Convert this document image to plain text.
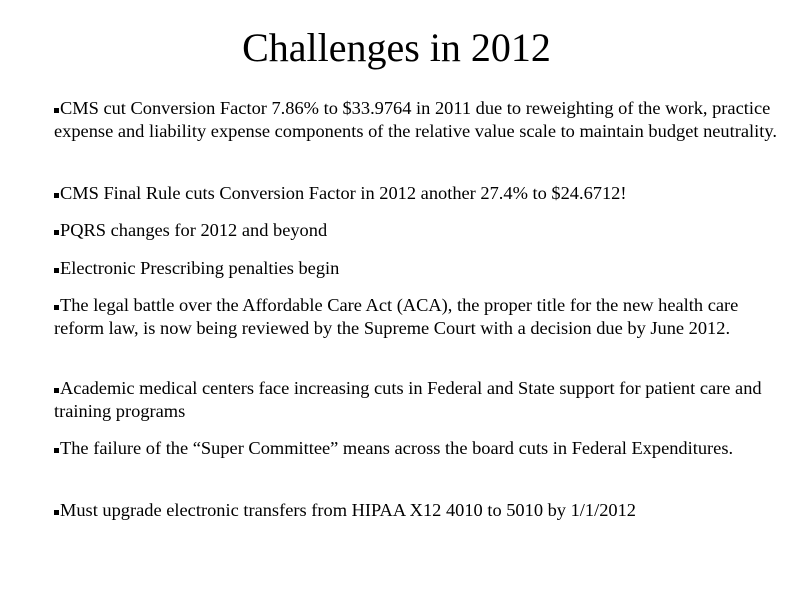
Challenges in 2012
CMS cut Conversion Factor 7.86% to $33.9764 in 2011 due to reweighting of the work, practice expense and liability expense components of the relative value scale to maintain budget neutrality.
CMS Final Rule cuts Conversion Factor in 2012 another 27.4% to $24.6712!
PQRS changes for 2012 and beyond
Electronic Prescribing penalties begin
The legal battle over the Affordable Care Act (ACA), the proper title for the new health care reform law, is now being reviewed by the Supreme Court with a decision due by June 2012.
Academic medical centers face increasing cuts in Federal and State support for patient care and training programs
The failure of the “Super Committee” means across the board cuts in Federal Expenditures.
Must upgrade electronic transfers from HIPAA X12 4010 to 5010 by 1/1/2012
